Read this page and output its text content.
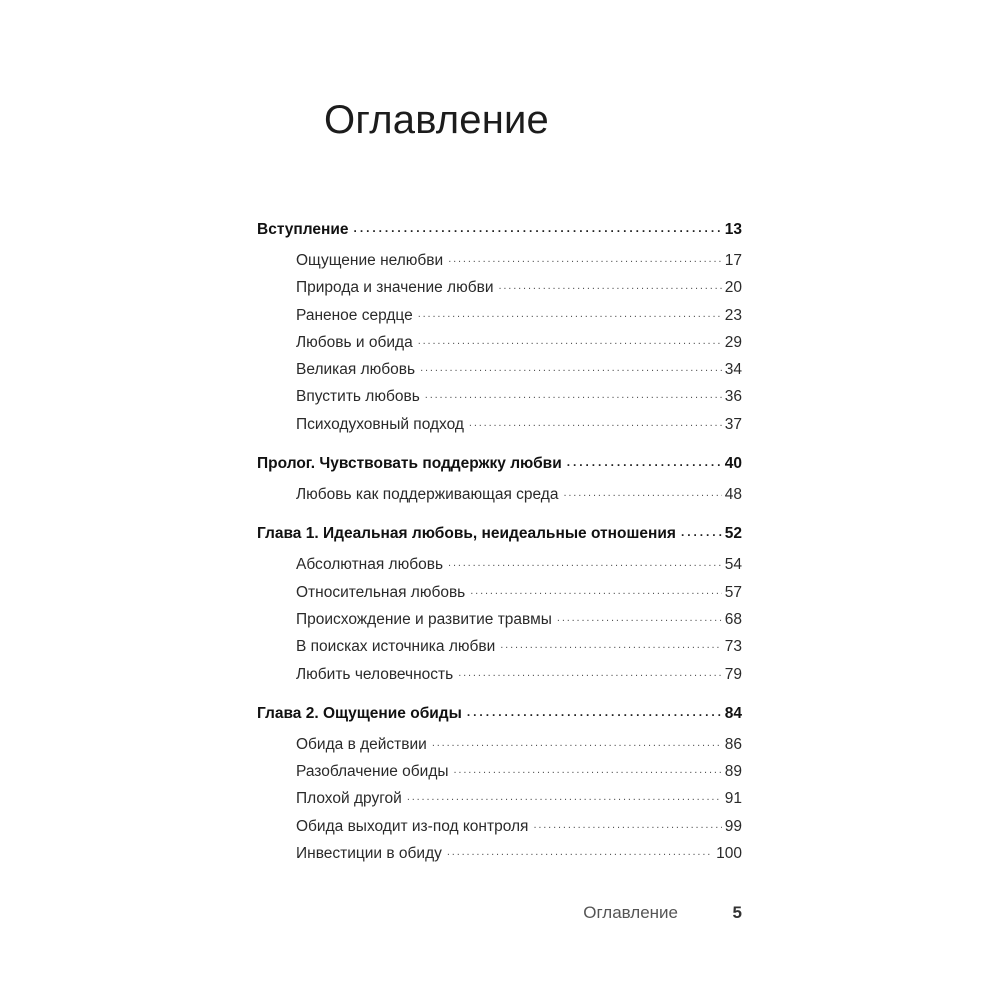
Оглавление
Вступление . . .	13
Ощущение нелюбви . . .	17
Природа и значение любви . . .	20
Раненое сердце . . .	23
Любовь и обида . . .	29
Великая любовь . . .	34
Впустить любовь . . .	36
Психодуховный подход . . .	37
Пролог. Чувствовать поддержку любви . . .	40
Любовь как поддерживающая среда . . .	48
Глава 1. Идеальная любовь, неидеальные отношения . . .	52
Абсолютная любовь . . .	54
Относительная любовь . . .	57
Происхождение и развитие травмы . . .	68
В поисках источника любви . . .	73
Любить человечность . . .	79
Глава 2. Ощущение обиды . . .	84
Обида в действии . . .	86
Разоблачение обиды . . .	89
Плохой другой . . .	91
Обида выходит из-под контроля . . .	99
Инвестиции в обиду . . .	100
Оглавление	5
